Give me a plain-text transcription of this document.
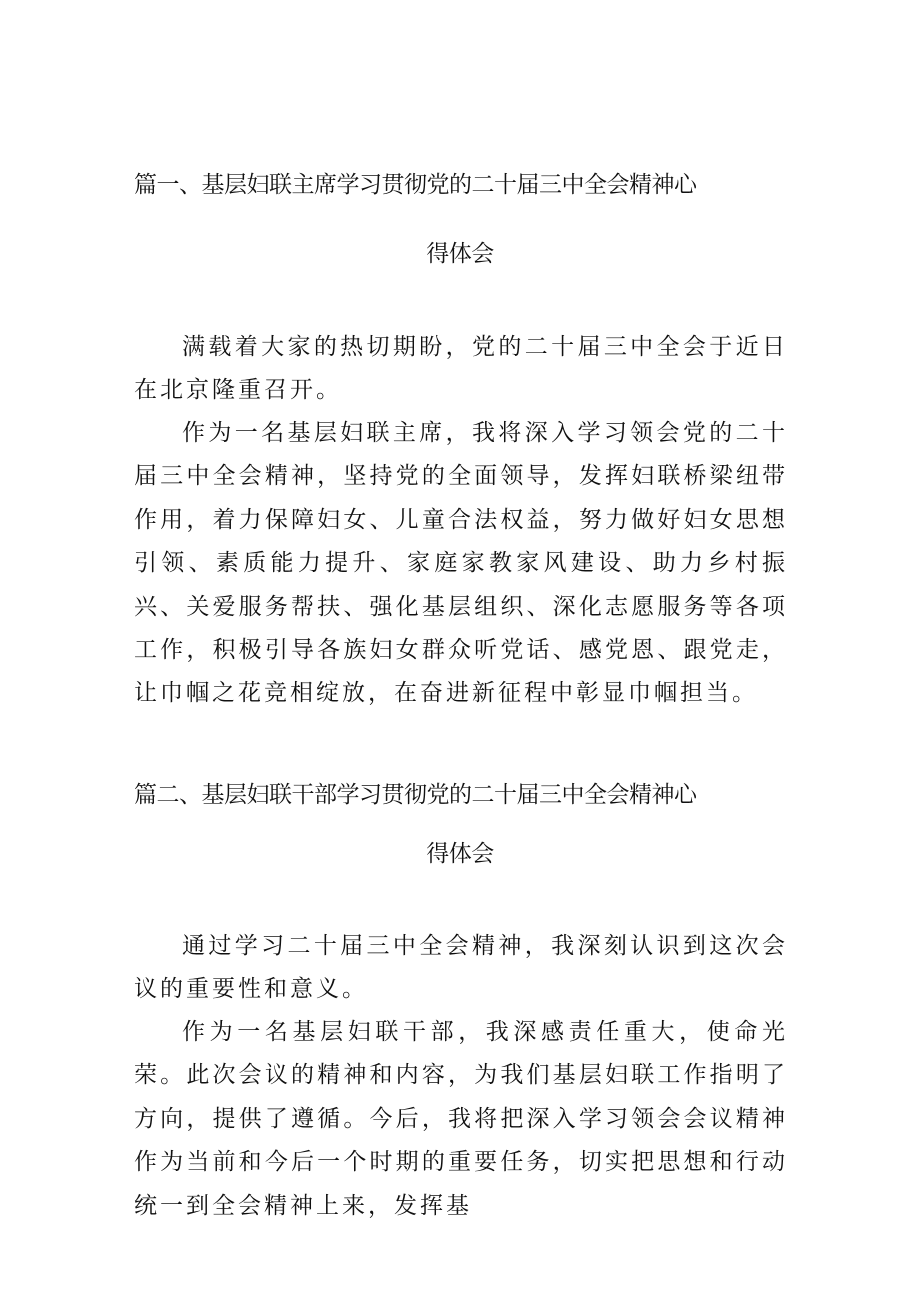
篇一、基层妇联主席学习贯彻党的二十届三中全会精神心
得体会

满载着大家的热切期盼，党的二十届三中全会于近日在北京隆重召开。

作为一名基层妇联主席，我将深入学习领会党的二十届三中全会精神，坚持党的全面领导，发挥妇联桥梁纽带作用，着力保障妇女、儿童合法权益，努力做好妇女思想引领、素质能力提升、家庭家教家风建设、助力乡村振兴、关爱服务帮扶、强化基层组织、深化志愿服务等各项工作，积极引导各族妇女群众听党话、感党恩、跟党走，让巾帼之花竞相绽放，在奋进新征程中彰显巾帼担当。

篇二、基层妇联干部学习贯彻党的二十届三中全会精神心
得体会

通过学习二十届三中全会精神，我深刻认识到这次会议的重要性和意义。

作为一名基层妇联干部，我深感责任重大，使命光荣。此次会议的精神和内容，为我们基层妇联工作指明了方向，提供了遵循。今后，我将把深入学习领会会议精神作为当前和今后一个时期的重要任务，切实把思想和行动统一到全会精神上来，发挥基
